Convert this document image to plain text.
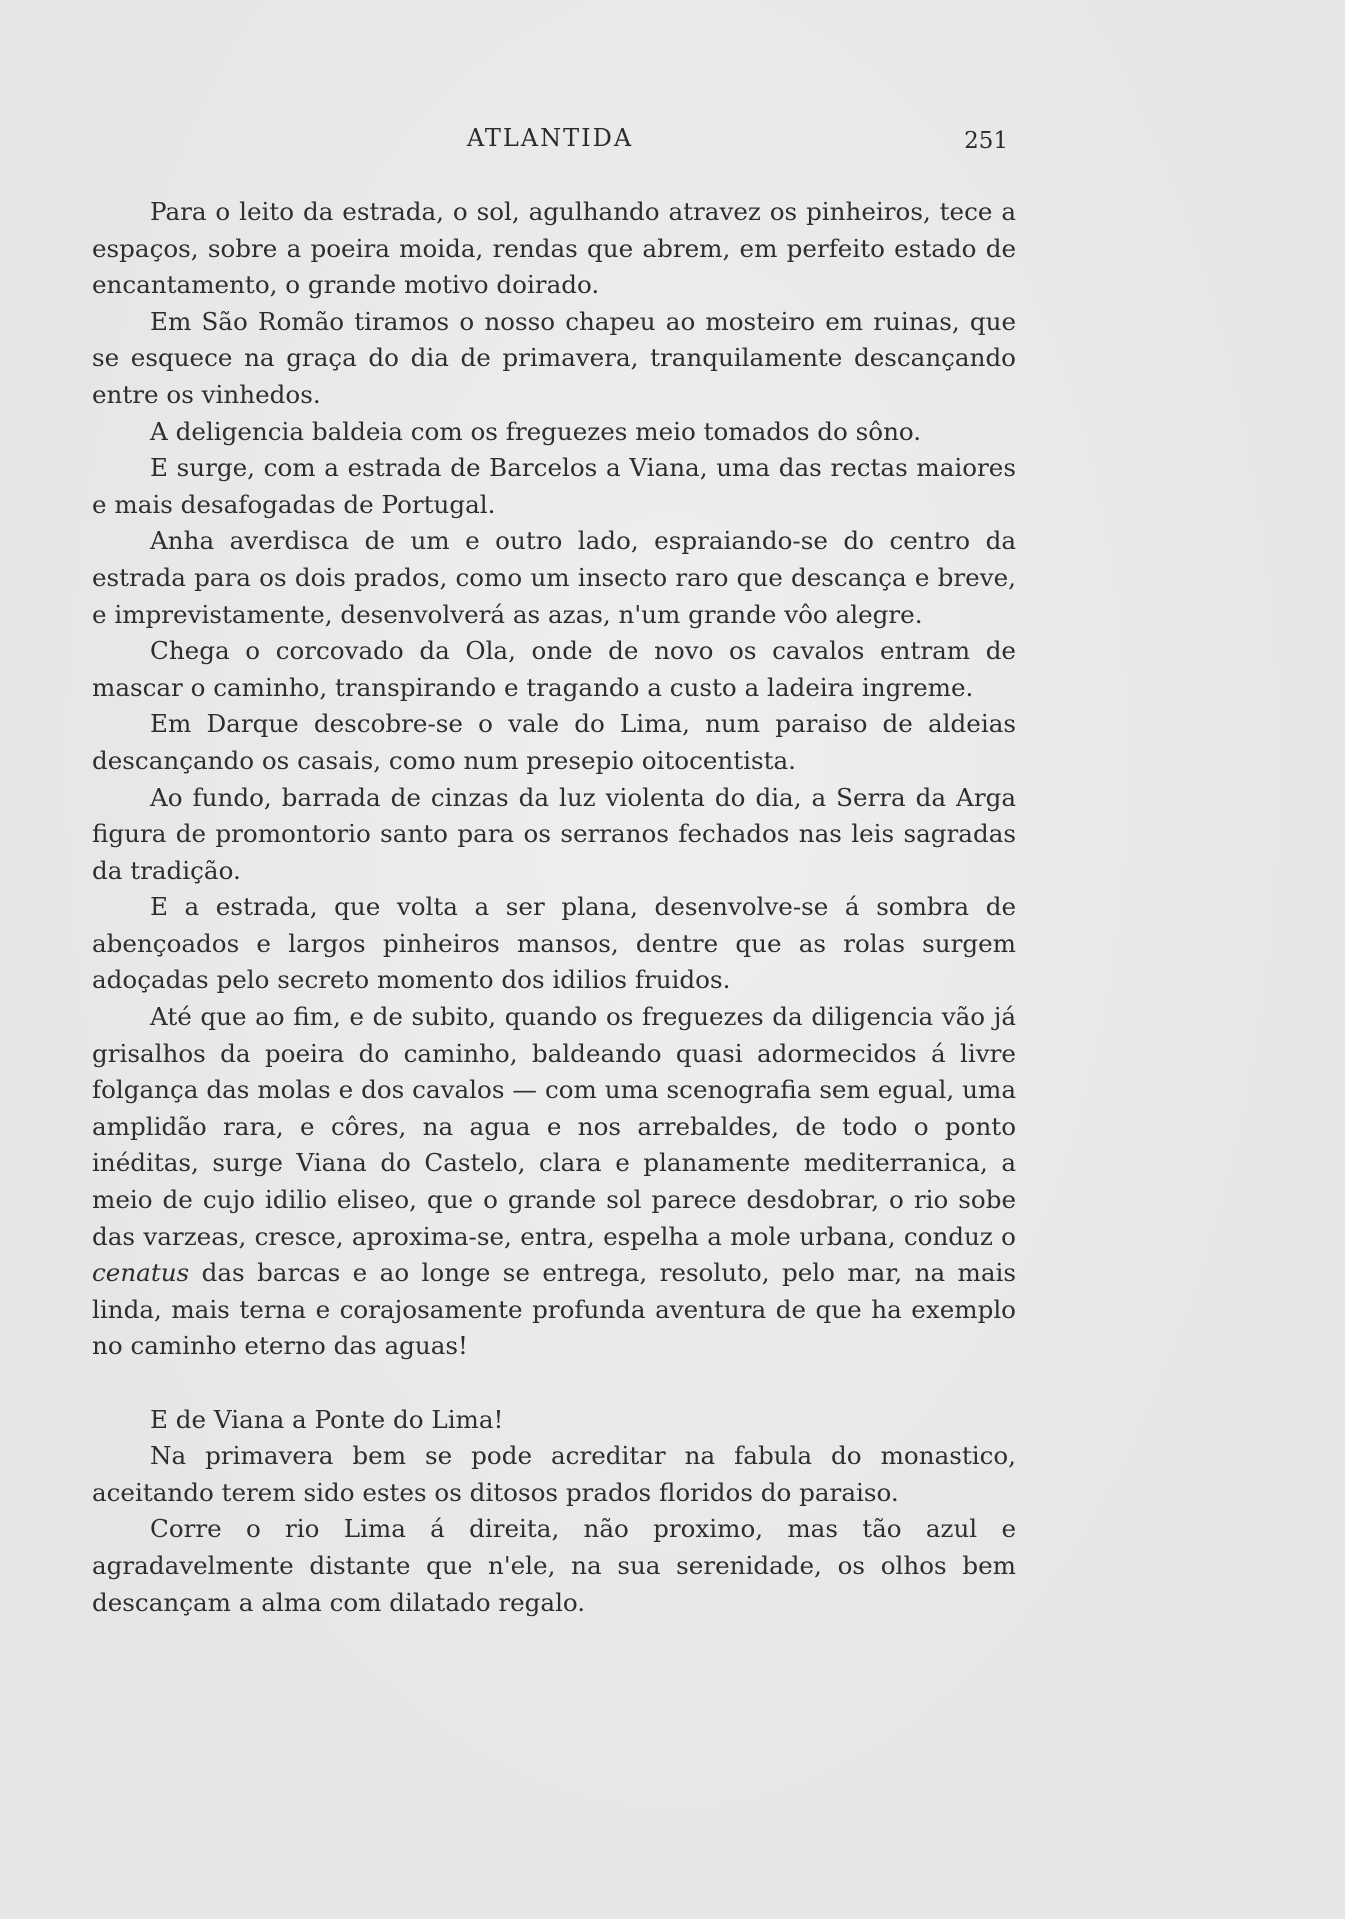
ATLANTIDA	251

Para o leito da estrada, o sol, agulhando atravez os pinheiros, tece a espaços, sobre a poeira moida, rendas que abrem, em perfeito estado de encantamento, o grande motivo doirado.

Em São Romão tiramos o nosso chapeu ao mosteiro em ruinas, que se esquece na graça do dia de primavera, tranquilamente descançando entre os vinhedos.

A deligencia baldeia com os freguezes meio tomados do sôno.

E surge, com a estrada de Barcelos a Viana, uma das rectas maiores e mais desafogadas de Portugal.

Anha averdisca de um e outro lado, espraiando-se do centro da estrada para os dois prados, como um insecto raro que descança e breve, e imprevistamente, desenvolverá as azas, n'um grande vôo alegre.

Chega o corcovado da Ola, onde de novo os cavalos entram de mascar o caminho, transpirando e tragando a custo a ladeira ingreme.

Em Darque descobre-se o vale do Lima, num paraiso de aldeias descançando os casais, como num presepio oitocentista.

Ao fundo, barrada de cinzas da luz violenta do dia, a Serra da Arga figura de promontorio santo para os serranos fechados nas leis sagradas da tradição.

E a estrada, que volta a ser plana, desenvolve-se á sombra de abençoados e largos pinheiros mansos, dentre que as rolas surgem adoçadas pelo secreto momento dos idilios fruidos.

Até que ao fim, e de subito, quando os freguezes da diligencia vão já grisalhos da poeira do caminho, baldeando quasi adormecidos á livre folgança das molas e dos cavalos — com uma scenografia sem egual, uma amplidão rara, e côres, na agua e nos arrebaldes, de todo o ponto inéditas, surge Viana do Castelo, clara e planamente mediterranica, a meio de cujo idilio eliseo, que o grande sol parece desdobrar, o rio sobe das varzeas, cresce, aproxima-se, entra, espelha a mole urbana, conduz o cenatus das barcas e ao longe se entrega, resoluto, pelo mar, na mais linda, mais terna e corajosamente profunda aventura de que ha exemplo no caminho eterno das aguas!

E de Viana a Ponte do Lima!

Na primavera bem se pode acreditar na fabula do monastico, aceitando terem sido estes os ditosos prados floridos do paraiso.

Corre o rio Lima á direita, não proximo, mas tão azul e agradavelmente distante que n'ele, na sua serenidade, os olhos bem descançam a alma com dilatado regalo.
